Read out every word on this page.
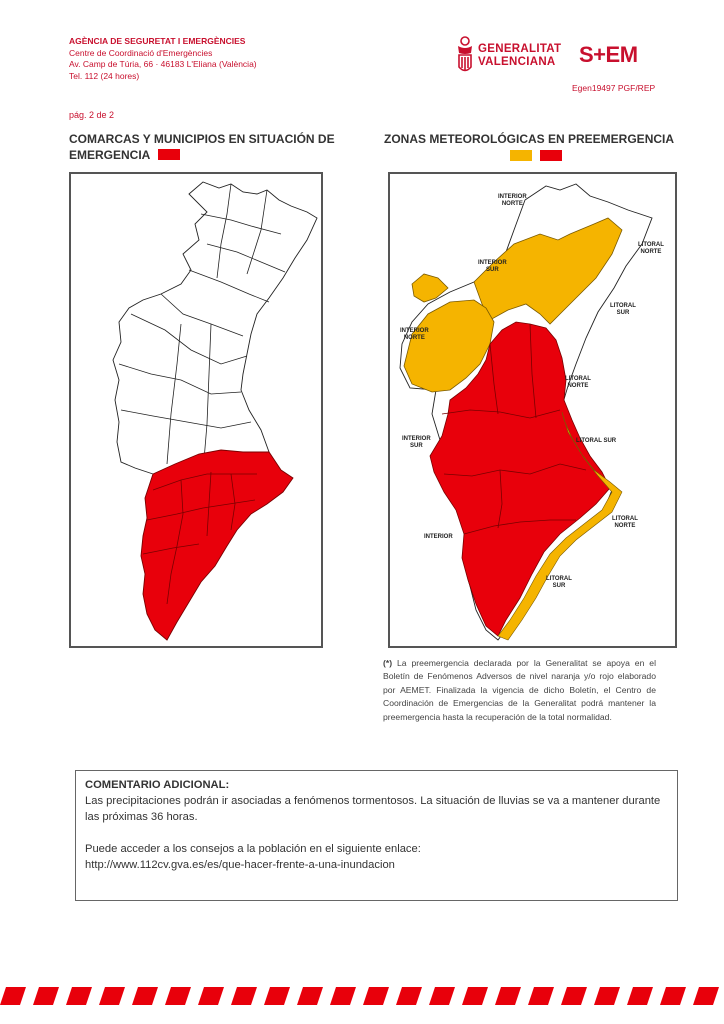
AGÈNCIA DE SEGURETAT I EMERGÈNCIES
Centre de Coordinació d'Emergències
Av. Camp de Túria, 66 · 46183 L'Eliana (València)
Tel. 112 (24 hores)
GENERALITAT
VALENCIANA S+EM
Egen19497 PGF/REP
pág. 2 de 2
COMARCAS Y MUNICIPIOS EN SITUACIÓN DE
EMERGENCIA
ZONAS METEOROLÓGICAS EN PREEMERGENCIA
INTERIOR
NORTE
LITORAL
NORTE
INTERIOR
SUR
LITORAL
SUR
INTERIOR
NORTE
LITORAL
NORTE
LITORAL SUR
INTERIOR
SUR
LITORAL
NORTE
INTERIOR
LITORAL
SUR
(*) La preemergencia declarada por la Generalitat se apoya en el Boletín de Fenómenos Adversos de nivel naranja y/o rojo elaborado por AEMET. Finalizada la vigencia de dicho Boletín, el Centro de Coordinación de Emergencias de la Generalitat podrá mantener la preemergencia hasta la recuperación de la total normalidad.
COMENTARIO ADICIONAL:
Las precipitaciones podrán ir asociadas a fenómenos tormentosos. La situación de lluvias se va a mantener durante las próximas 36 horas.
Puede acceder a los consejos a la población en el siguiente enlace:
http://www.112cv.gva.es/es/que-hacer-frente-a-una-inundacion
